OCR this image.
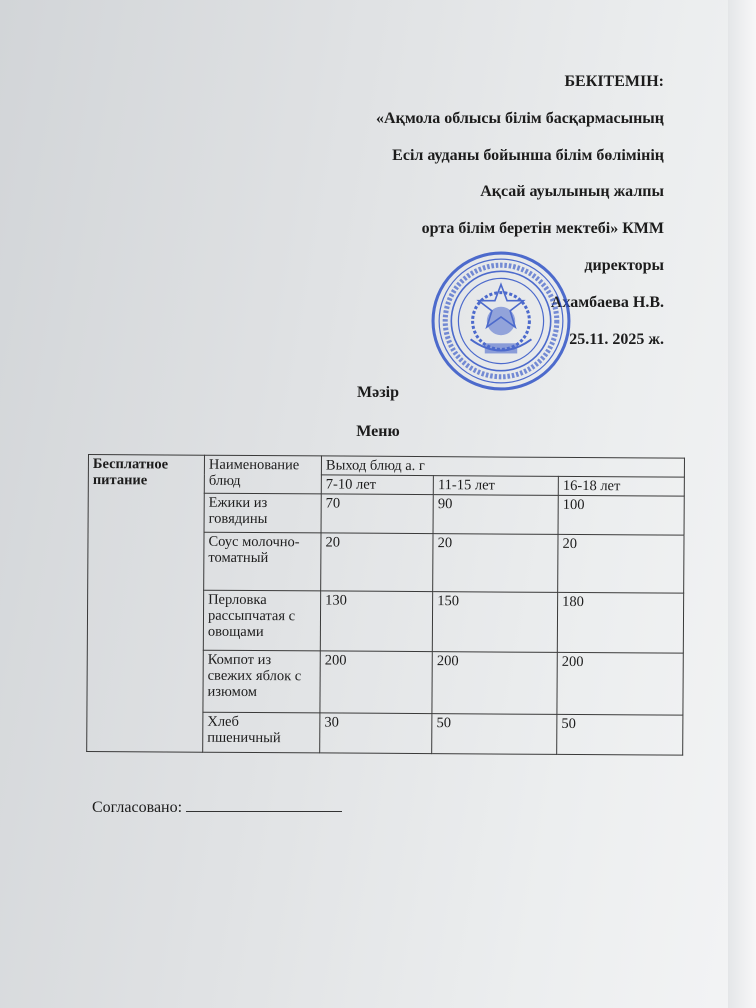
БЕКІТЕМІН:
«Ақмола облысы білім басқармасының
Есіл ауданы бойынша білім бөлімінің
Ақсай ауылының жалпы
орта білім беретін мектебі» КММ
директоры
Ахамбаева Н.В.
25.11. 2025 ж.
Мәзір
Меню
Бесплатное питание	Наименование блюд	Выход блюд а. г		
		7-10 лет	11-15 лет	16-18 лет
	Ежики из говядины	70	90	100
	Соус молочно-томатный	20	20	20
	Перловка рассыпчатая с овощами	130	150	180
	Компот из свежих яблок с изюмом	200	200	200
	Хлеб пшеничный	30	50	50
Согласовано:
